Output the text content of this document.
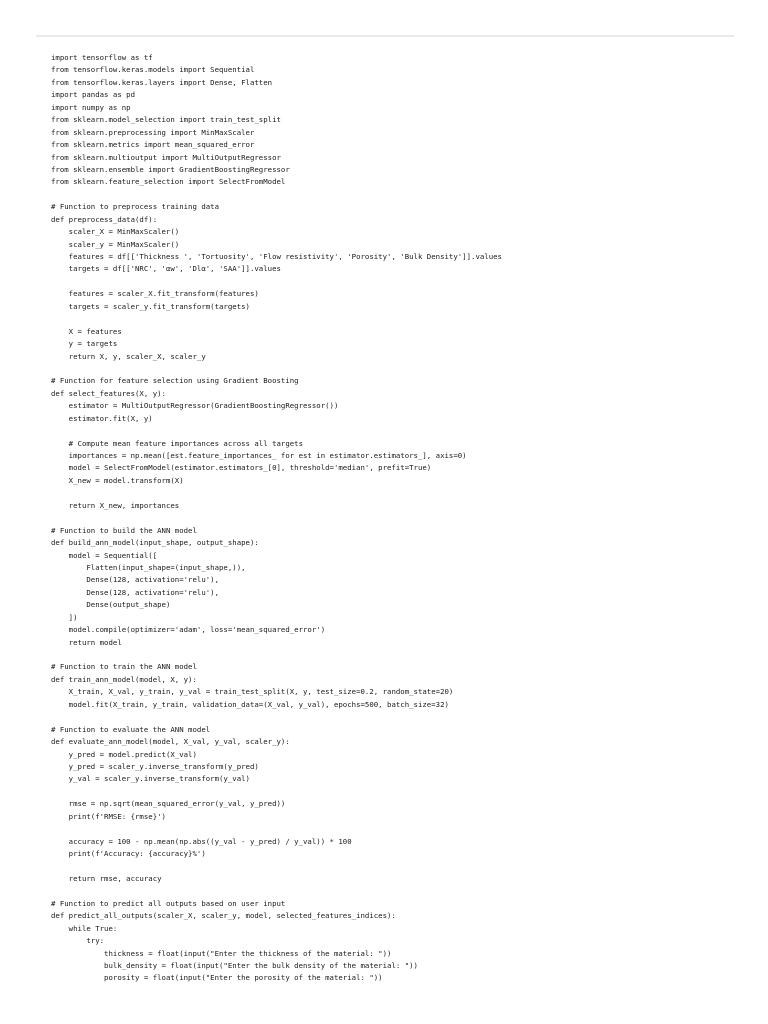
import tensorflow as tf
from tensorflow.keras.models import Sequential
from tensorflow.keras.layers import Dense, Flatten
import pandas as pd
import numpy as np
from sklearn.model_selection import train_test_split
from sklearn.preprocessing import MinMaxScaler
from sklearn.metrics import mean_squared_error
from sklearn.multioutput import MultiOutputRegressor
from sklearn.ensemble import GradientBoostingRegressor
from sklearn.feature_selection import SelectFromModel
# Function to preprocess training data
def preprocess_data(df):
scaler_X = MinMaxScaler()
scaler_y = MinMaxScaler()
features = df[['Thickness ', 'Tortuosity', 'Flow resistivity', 'Porosity', 'Bulk Density']].values
targets = df[['NRC', 'αw', 'Dlα', 'SAA']].values
features = scaler_X.fit_transform(features)
targets = scaler_y.fit_transform(targets)
X = features
y = targets
return X, y, scaler_X, scaler_y
# Function for feature selection using Gradient Boosting
def select_features(X, y):
estimator = MultiOutputRegressor(GradientBoostingRegressor())
estimator.fit(X, y)
# Compute mean feature importances across all targets
importances = np.mean([est.feature_importances_ for est in estimator.estimators_], axis=0)
model = SelectFromModel(estimator.estimators_[0], threshold='median', prefit=True)
X_new = model.transform(X)
return X_new, importances
# Function to build the ANN model
def build_ann_model(input_shape, output_shape):
model = Sequential([
Flatten(input_shape=(input_shape,)),
Dense(128, activation='relu'),
Dense(128, activation='relu'),
Dense(output_shape)
])
model.compile(optimizer='adam', loss='mean_squared_error')
return model
# Function to train the ANN model
def train_ann_model(model, X, y):
X_train, X_val, y_train, y_val = train_test_split(X, y, test_size=0.2, random_state=20)
model.fit(X_train, y_train, validation_data=(X_val, y_val), epochs=500, batch_size=32)
# Function to evaluate the ANN model
def evaluate_ann_model(model, X_val, y_val, scaler_y):
y_pred = model.predict(X_val)
y_pred = scaler_y.inverse_transform(y_pred)
y_val = scaler_y.inverse_transform(y_val)
rmse = np.sqrt(mean_squared_error(y_val, y_pred))
print(f'RMSE: {rmse}')
accuracy = 100 - np.mean(np.abs((y_val - y_pred) / y_val)) * 100
print(f'Accuracy: {accuracy}%')
return rmse, accuracy
# Function to predict all outputs based on user input
def predict_all_outputs(scaler_X, scaler_y, model, selected_features_indices):
while True:
try:
thickness = float(input("Enter the thickness of the material: "))
bulk_density = float(input("Enter the bulk density of the material: "))
porosity = float(input("Enter the porosity of the material: "))
